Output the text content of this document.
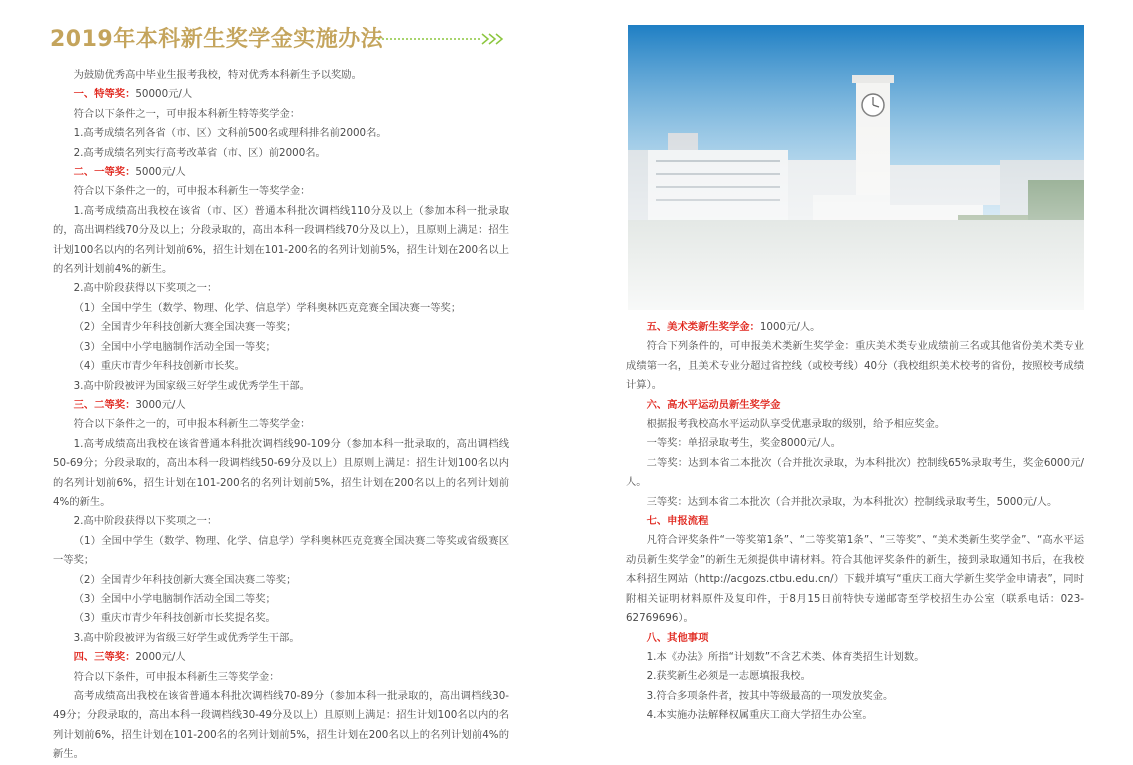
2019年本科新生奖学金实施办法

为鼓励优秀高中毕业生报考我校，特对优秀本科新生予以奖励。

一、特等奖：50000元/人

符合以下条件之一，可申报本科新生特等奖学金：

1.高考成绩名列各省（市、区）文科前500名或理科排名前2000名。

2.高考成绩名列实行高考改革省（市、区）前2000名。

二、一等奖：5000元/人

符合以下条件之一的，可申报本科新生一等奖学金：

1.高考成绩高出我校在该省（市、区）普通本科批次调档线110分及以上（参加本科一批录取的，高出调档线70分及以上；分段录取的，高出本科一段调档线70分及以上），且原则上满足：招生计划100名以内的名列计划前6%，招生计划在101-200名的名列计划前5%，招生计划在200名以上的名列计划前4%的新生。

2.高中阶段获得以下奖项之一：

（1）全国中学生（数学、物理、化学、信息学）学科奥林匹克竞赛全国决赛一等奖；

（2）全国青少年科技创新大赛全国决赛一等奖；

（3）全国中小学电脑制作活动全国一等奖；

（4）重庆市青少年科技创新市长奖。

3.高中阶段被评为国家级三好学生或优秀学生干部。

三、二等奖：3000元/人

符合以下条件之一的，可申报本科新生二等奖学金：

1.高考成绩高出我校在该省普通本科批次调档线90-109分（参加本科一批录取的，高出调档线50-69分；分段录取的，高出本科一段调档线50-69分及以上）且原则上满足：招生计划100名以内的名列计划前6%，招生计划在101-200名的名列计划前5%，招生计划在200名以上的名列计划前4%的新生。

2.高中阶段获得以下奖项之一：

（1）全国中学生（数学、物理、化学、信息学）学科奥林匹克竞赛全国决赛二等奖或省级赛区一等奖；

（2）全国青少年科技创新大赛全国决赛二等奖；

（3）全国中小学电脑制作活动全国二等奖；

（3）重庆市青少年科技创新市长奖提名奖。

3.高中阶段被评为省级三好学生或优秀学生干部。

四、三等奖：2000元/人

符合以下条件，可申报本科新生三等奖学金：

高考成绩高出我校在该省普通本科批次调档线70-89分（参加本科一批录取的，高出调档线30-49分；分段录取的，高出本科一段调档线30-49分及以上）且原则上满足：招生计划100名以内的名列计划前6%，招生计划在101-200名的名列计划前5%，招生计划在200名以上的名列计划前4%的新生。

五、美术类新生奖学金：1000元/人。

符合下列条件的，可申报美术类新生奖学金：重庆美术类专业成绩前三名或其他省份美术类专业成绩第一名，且美术专业分超过省控线（或校考线）40分（我校组织美术校考的省份，按照校考成绩计算）。

六、高水平运动员新生奖学金

根据报考我校高水平运动队享受优惠录取的级别，给予相应奖金。

一等奖：单招录取考生，奖金8000元/人。

二等奖：达到本省二本批次（合并批次录取，为本科批次）控制线65%录取考生，奖金6000元/人。

三等奖：达到本省二本批次（合并批次录取，为本科批次）控制线录取考生，5000元/人。

七、申报流程

凡符合评奖条件“一等奖第1条”、“二等奖第1条”、“三等奖”、“美术类新生奖学金”、“高水平运动员新生奖学金”的新生无须提供申请材料。符合其他评奖条件的新生，接到录取通知书后，在我校本科招生网站（http://acgozs.ctbu.edu.cn/）下载并填写“重庆工商大学新生奖学金申请表”，同时附相关证明材料原件及复印件，于8月15日前特快专递邮寄至学校招生办公室（联系电话：023-62769696）。

八、其他事项

1.本《办法》所指“计划数”不含艺术类、体育类招生计划数。

2.获奖新生必须是一志愿填报我校。

3.符合多项条件者，按其中等级最高的一项发放奖金。

4.本实施办法解释权属重庆工商大学招生办公室。
